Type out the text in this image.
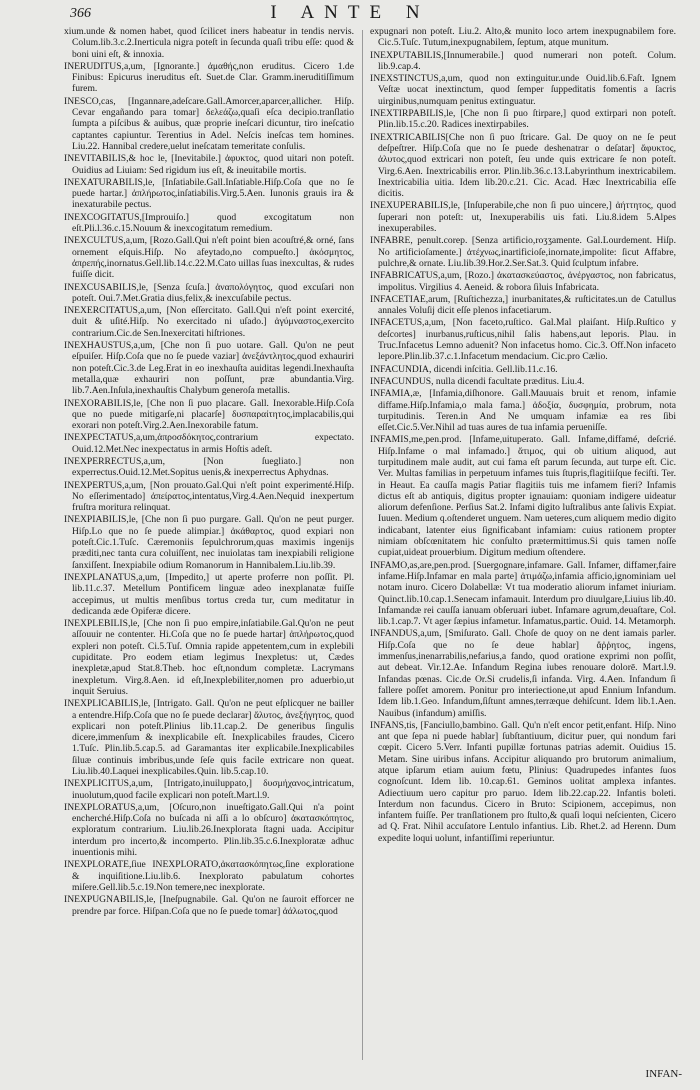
366	I ANTE N

xium.unde & nomen habet, quod ſcilicet iners habeatur in tendis nervis. Colum.lib.3.c.2.Inerticula nigra poteſt in ſecunda quaſi tribu eſſe: quod & boni uini eſt, & innoxia.

INERUDITUS,a,um, [Ignorante.] ἀμαθής,non eruditus. Cicero 1.de Finibus: Epicurus ineruditus eſt. Suet.de Clar. Gramm.ineruditiſſimum furem.

INESCO,cas, [Ingannare,adeſcare.Gall.Amorcer,aparcer,allicher. Hiſp. Cevar engañando para tomar] δελεάζω,quaſi eſca decipio.tranſlatio ſumpta a piſcibus & auibus, quæ proprie ineſcari dicuntur, tiro ineſcatio captantes capiuntur. Terentius in Adel. Neſcis ineſcas tem homines. Liu.22. Hannibal credere,uelut ineſcatam temeritate conſulis.

INEVITABILIS,& hoc le, [Inevitabile.] ἀφυκτος, quod uitari non poteſt. Ouidius ad Liuiam: Sed rigidum ius eſt, & ineuitabile mortis.

INEXATURABILIS,le, [Inſatiabile.Gall.Inſatiable.Hiſp.Coſa que no ſe puede hartar.] ἀπλήρωτος,inſatiabilis.Virg.5.Aen. Iunonis grauis ira & inexaturabile pectus.

INEXCOGITATUS,[Improuiſo.] quod excogitatum non eſt.Pli.l.36.c.15.Nouum & inexcogitatum remedium.

INEXCULTUS,a,um, [Rozo.Gall.Qui n'eſt point bien acouſtré,& orné, ſans ornement eſquis.Hiſp. No afeytado,no compueſto.] ἀκόσμητος, ἀπρεπής,inornatus.Gell.lib.14.c.22.M.Cato uillas ſuas inexcultas, & rudes fuiſſe dicit.

INEXCUSABILIS,le, [Senza ſcuſa.] ἀναπολόγητος, quod excuſari non poteſt. Oui.7.Met.Gratia dius,felix,& inexcuſabile pectus.

INEXERCITATUS,a,um, [Non eſſercitato. Gall.Qui n'eſt point exercité, duit & uſité.Hiſp. No exercitado ni uſado.] ἀγύμναστος,exercito contrarium.Cic.de Sen.Inexercitati hiſtriones.

INEXHAUSTUS,a,um, [Che non ſi puo uotare. Gall. Qu'on ne peut eſpuiſer. Hiſp.Coſa que no ſe puede vaziar] ἀνεξάντλητος,quod exhauriri non poteſt.Cic.3.de Leg.Erat in eo inexhauſta auiditas legendi.Inexhauſta metalla,quæ exhauriri non poſſunt, præ abundantia.Virg. lib.7.Aen.Inſula,inexhauſtis Chalybum generoſa metallis.

INEXORABILIS,le, [Che non ſi puo placare. Gall. Inexorable.Hiſp.Coſa que no puede mitigarſe,ni placarſe] δυσπαραίτητος,implacabilis,qui exorari non poteſt.Virg.2.Aen.Inexorabile fatum.

INEXPECTATUS,a,um,ἀπροσδόκητος,contrarium expectato. Ouid.12.Met.Nec inexpectatus in armis Hoſtis adeſt.

INEXPERRECTUS,a,um, [Non ſuegliato.] non experrectus.Ouid.12.Met.Sopitus uenis,& inexperrectus Aphydnas.

INEXPERTUS,a,um, [Non prouato.Gal.Qui n'eſt point experimenté.Hiſp. No eſſerimentado] ἀπείρατος,intentatus,Virg.4.Aen.Nequid inexpertum fruſtra moritura relinquat.

INEXPIABILIS,le, [Che non ſi puo purgare. Gall. Qu'on ne peut purger. Hiſp.Lo que no ſe puede alimpiar.] ἀκάθαρτος, quod expiari non poteſt.Cic.1.Tuſc. Cæremoniis ſepulchrorum,quas maximis ingenijs præditi,nec tanta cura coluiſſent, nec inuiolatas tam inexpiabili religione ſanxiſſent. Inexpiabile odium Romanorum in Hannibalem.Liu.lib.39.

INEXPLANATUS,a,um, [Impedito,] ut aperte proferre non poſſit. Pl. lib.11.c.37. Metellum Pontificem linguæ adeo inexplanatæ fuiſſe accepimus, ut multis menſibus tortus creda tur, cum meditatur in dedicanda æde Opiferæ dicere.

INEXPLEBILIS,le, [Che non ſi puo empire,inſatiabile.Gal.Qu'on ne peut aſſouuir ne contenter. Hi.Coſa que no ſe puede hartar] ἀπλήρωτος,quod expleri non poteſt. Ci.5.Tuſ. Omnia rapide appetentem,cum in explebili cupiditate. Pro eodem etiam legimus Inexpletus: ut, Cædes inexpletæ,apud Stat.8.Theb. hoc eſt,nondum completæ. Lacrymans inexpletum. Virg.8.Aen. id eſt,Inexplebiliter,nomen pro aduerbio,ut inquit Seruius.

INEXPLICABILIS,le, [Intrigato. Gall. Qu'on ne peut eſplicquer ne bailler a entendre.Hiſp.Coſa que no ſe puede declarar] ἄλυτος, ἀνεξήγητος, quod explicari non poteſt.Plinius lib.11.cap.2. De generibus ſingulis dicere,immenſum & inexplicabile eſt. Inexplicabiles fraudes, Cicero 1.Tuſc. Plin.lib.5.cap.5. ad Garamantas iter explicabile.Inexplicabiles ſiluæ continuis imbribus,unde ſeſe quis facile extricare non queat. Liu.lib.40.Laquei inexplicabiles.Quin. lib.5.cap.10.

INEXPLICITUS,a,um, [Intrigato,inuiluppato,] δυσμήχανος,intricatum, inuolutum,quod facile explicari non poteſt.Mart.l.9.

INEXPLORATUS,a,um, [Oſcuro,non inueſtigato.Gall.Qui n'a point encherché.Hiſp.Coſa no buſcada ni aſſi a lo obſcuro] ἀκατασκόπητος, exploratum contrarium. Liu.lib.26.Inexplorata ſtagni uada. Accipitur interdum pro incerto,& incomperto. Plin.lib.35.c.6.Inexploratæ adhuc inuentionis mihi.

INEXPLORATE,ſiue INEXPLORATO,ἀκατασκόπητως,ſine exploratione & inquiſitione.Liu.lib.6. Inexplorato pabulatum cohortes miſere.Gell.lib.5.c.19.Non temere,nec inexplorate.

INEXPUGNABILIS,le, [Ineſpugnabile. Gal. Qu'on ne ſauroit efforcer ne prendre par force. Hiſpan.Coſa que no ſe puede tomar] ἀάλωτος,quod

expugnari non poteſt. Liu.2. Alto,& munito loco artem inexpugnabilem fore. Cic.5.Tuſc. Tutum,inexpugnabilem, ſeptum, atque munitum.

INEXPUTABILIS,[Innumerabile.] quod numerari non poteſt. Colum. lib.9.cap.4.

INEXSTINCTUS,a,um, quod non extinguitur.unde Ouid.lib.6.Faſt. Ignem Veſtæ uocat inextinctum, quod ſemper ſuppeditatis fomentis a ſacris uirginibus,numquam penitus extinguatur.

INEXTIRPABILIS,le, [Che non ſi puo ſtirpare,] quod extirpari non poteſt. Plin.lib.15.c.20. Radices inextirpabiles.

INEXTRICABILIS[Che non ſi puo ſtricare. Gal. De quoy on ne ſe peut deſpeſtrer. Hiſp.Coſa que no ſe puede deshenatrar o deſatar] ἄφυκτος, ἀλυτος,quod extricari non poteſt, ſeu unde quis extricare ſe non poteſt. Virg.6.Aen. Inextricabilis error. Plin.lib.36.c.13.Labyrinthum inextricabilem. Inextricabilia uitia. Idem lib.20.c.21. Cic. Acad. Hæc Inextricabilia eſſe dicitis.

INEXUPERABILIS,le, [Inſuperabile,che non ſi puo uincere,] ἀήττητος, quod ſuperari non poteſt: ut, Inexuperabilis uis fati. Liu.8.idem 5.Alpes inexuperabiles.

INFABRE, penult.corep. [Senza artificio,roʒʒamente. Gal.Lourdement. Hiſp. No artificioſamente.] ἀτέχνως,inartificioſe,inornate,impolite: ſicut Affabre, pulchre,& ornate. Liu.lib.39.Hor.2.Ser.Sat.3. Quid ſculptum infabre.

INFABRICATUS,a,um, [Rozo.] ἀκατασκεύαστος, ἀνέργαστος, non fabricatus, impolitus. Virgilius 4. Aeneid. & robora ſiluis Infabricata.

INFACETIAE,arum, [Ruſtichezza,] inurbanitates,& ruſticitates.un de Catullus annales Voluſij dicit eſſe plenos infacetiarum.

INFACETUS,a,um, [Non faceto,ruſtico. Gal.Mal plaiſant. Hiſp.Ruſtico y deſcortes] inurbanus,ruſticus,nihil ſalis habens,aut leporis. Plau. in Truc.Infacetus Lemno aduenit? Non infacetus homo. Cic.3. Off.Non infaceto lepore.Plin.lib.37.c.1.Infacetum mendacium. Cic.pro Cælio.

INFACUNDIA, dicendi inſcitia. Gell.lib.11.c.16.

INFACUNDUS, nulla dicendi facultate præditus. Liu.4.

INFAMIA,æ, [Infamia,diſhonore. Gall.Mauuais bruit et renom, infamie diffame.Hiſp.Infamia,o mala fama.] ἀδοξία, δυσφημία, probrum, nota turpitudinis. Teren.in And Ne umquam infamiæ ea res ſibi eſſet.Cic.5.Ver.Nihil ad tuas aures de tua infamia perueniſſe.

INFAMIS,me,pen.prod. [Infame,uituperato. Gall. Infame,diffamé, deſcrié. Hiſp.Infame o mal infamado.] ἄτιμος, qui ob uitium aliquod, aut turpitudinem male audit, aut cui fama eſt parum ſecunda, aut turpe eſt. Cic. Ver. Multas familias in perpetuum infames tuis ſtupris,flagitiiſque feciſti. Ter. in Heaut. Ea cauſſa magis Patiar flagitiis tuis me infamem fieri? Infamis dictus eſt ab antiquis, digitus propter ignauiam: quoniam indigere uideatur aliorum defenſione. Perſius Sat.2. Infami digito luſtralibus ante ſalivis Expiat. Iuuen. Medium q.oſtenderet unguem. Nam ueteres,cum aliquem medio digito indicabant, latenter eius ſignificabant infamiam: cuius rationem propter nimiam obſcœnitatem hic conſulto prætermittimus.Si quis tamen noſſe cupiat,uideat prouerbium. Digitum medium oſtendere.

INFAMO,as,are,pen.prod. [Suergognare,infamare. Gall. Infamer, diffamer,faire infame.Hiſp.Infamar en mala parte] ἀτιμάζω,infamia afficio,ignominiam uel notam inuro. Cicero Dolabellæ: Vt tua moderatio aliorum infamet iniuriam. Quinct.lib.10.cap.1.Senecam infamauit. Interdum pro diuulgare,Liuius lib.40. Infamandæ rei cauſſa ianuam obſeruari iubet. Infamare agrum,deuaſtare, Col. lib.1.cap.7. Vt ager ſæpius infametur. Infamatus,partic. Ouid. 14. Metamorph.

INFANDUS,a,um, [Smiſurato. Gall. Choſe de quoy on ne dent iamais parler. Hiſp.Coſa que no ſe deue hablar] ἄῤῥητος, ingens, immenſus,inenarrabilis,nefarius,a fando, quod oratione exprimi non poſſit, aut debeat. Vir.12.Ae. Infandum Regina iubes renouare dolorē. Mart.l.9. Infandas pœnas. Cic.de Or.Si crudelis,ſi infanda. Virg. 4.Aen. Infandum ſi fallere poſſet amorem. Ponitur pro interiectione,ut apud Ennium Infandum. Idem lib.1.Geo. Infandum,ſiſtunt amnes,terræque dehiſcunt. Idem lib.1.Aen. Nauibus (infandum) amiſſis.

INFANS,tis, [Fanciullo,bambino. Gall. Qu'n n'eſt encor petit,enfant. Hiſp. Nino ant que ſepa ni puede hablar] ſubſtantiuum, dicitur puer, qui nondum fari cœpit. Cicero 5.Verr. Infanti pupillæ fortunas patrias ademit. Ouidius 15. Metam. Sine uiribus infans. Accipitur aliquando pro brutorum animalium, atque ipſarum etiam auium fœtu, Plinius: Quadrupedes infantes ſuos cognoſcunt. Idem lib. 10.cap.61. Geminos uolitat amplexa infantes. Adiectiuum uero capitur pro paruo. Idem lib.22.cap.22. Infantis boleti. Interdum non facundus. Cicero in Bruto: Scipionem, accepimus, non infantem fuiſſe. Per tranſlationem pro ſtulto,& quaſi loqui neſcienten, Cicero ad Q. Frat. Nihil accuſatore Lentulo infantius. Lib. Rhet.2. ad Herenn. Dum expedite loqui uolunt, infantiſſimi reperiuntur.

INFAN-
